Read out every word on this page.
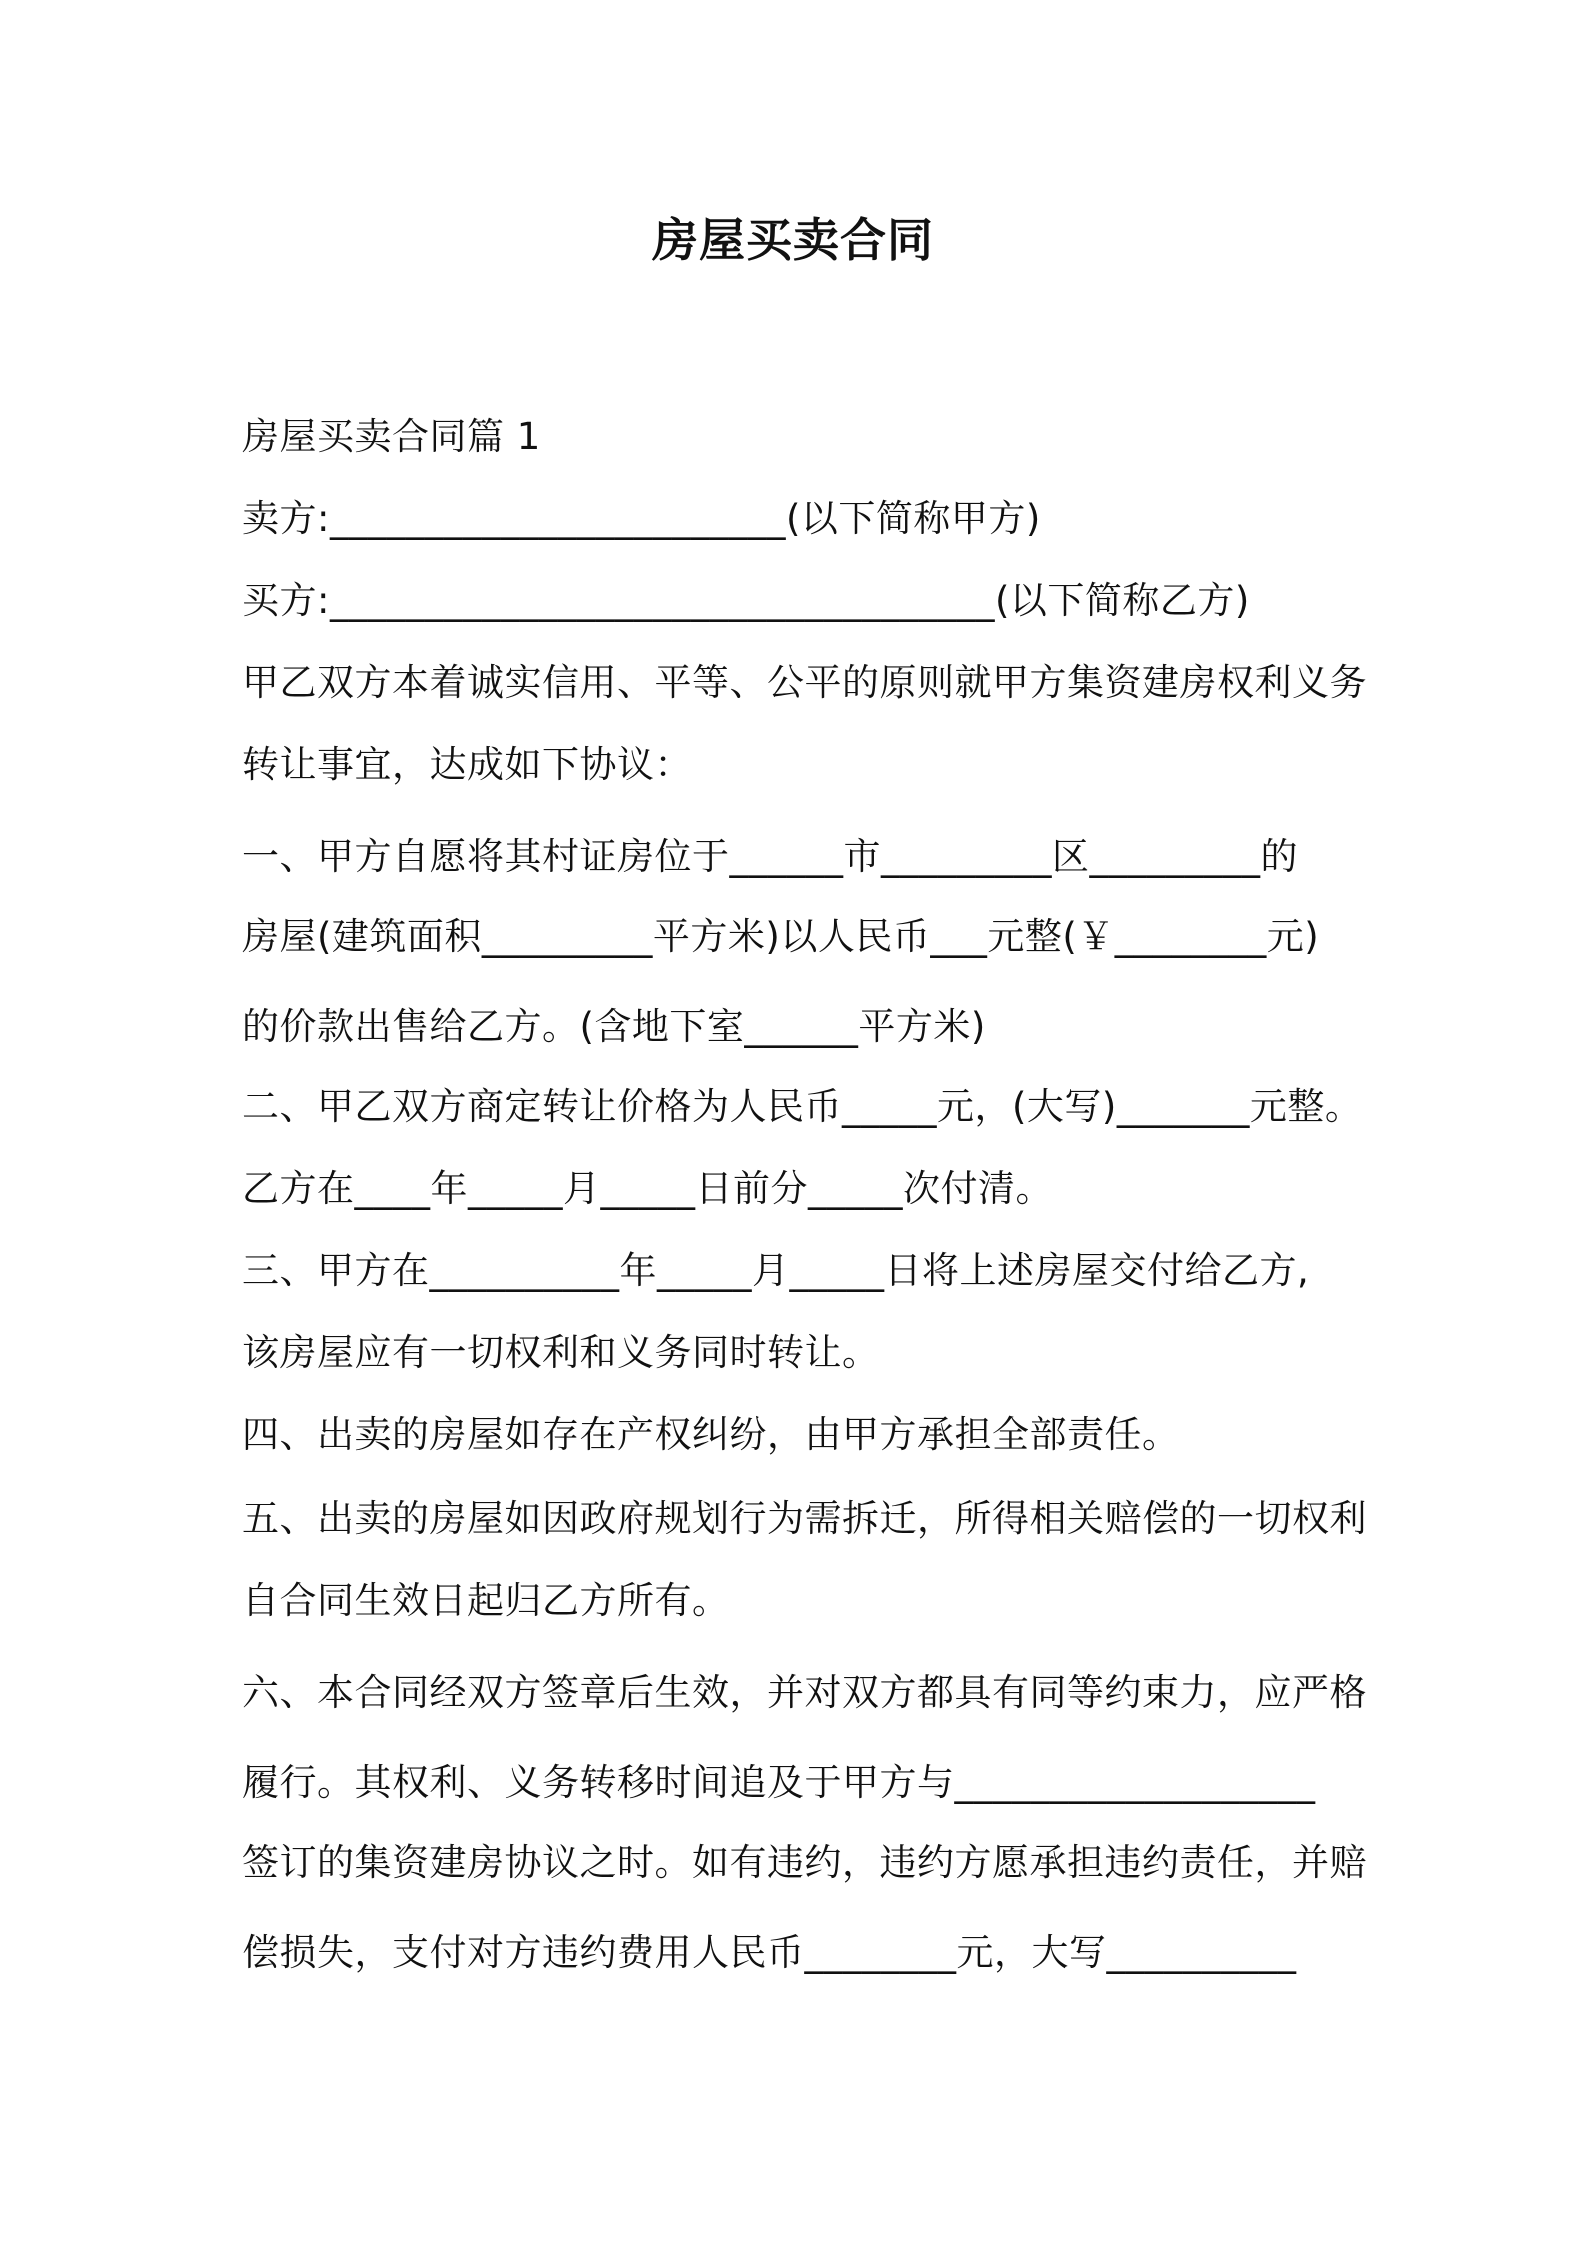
房屋买卖合同
房屋买卖合同篇 1
卖方:________________________(以下简称甲方)
买方:___________________________________(以下简称乙方)
甲乙双方本着诚实信用、平等、公平的原则就甲方集资建房权利义务
转让事宜，达成如下协议：
一、甲方自愿将其村证房位于______市_________区_________的
房屋(建筑面积_________平方米)以人民币___元整(￥________元)
的价款出售给乙方。(含地下室______平方米)
二、甲乙双方商定转让价格为人民币_____元，(大写)_______元整。
乙方在____年_____月_____日前分_____次付清。
三、甲方在__________年_____月_____日将上述房屋交付给乙方,
该房屋应有一切权利和义务同时转让。
四、出卖的房屋如存在产权纠纷，由甲方承担全部责任。
五、出卖的房屋如因政府规划行为需拆迁，所得相关赔偿的一切权利
自合同生效日起归乙方所有。
六、本合同经双方签章后生效，并对双方都具有同等约束力，应严格
履行。其权利、义务转移时间追及于甲方与___________________
签订的集资建房协议之时。如有违约，违约方愿承担违约责任，并赔
偿损失，支付对方违约费用人民币________元，大写__________
